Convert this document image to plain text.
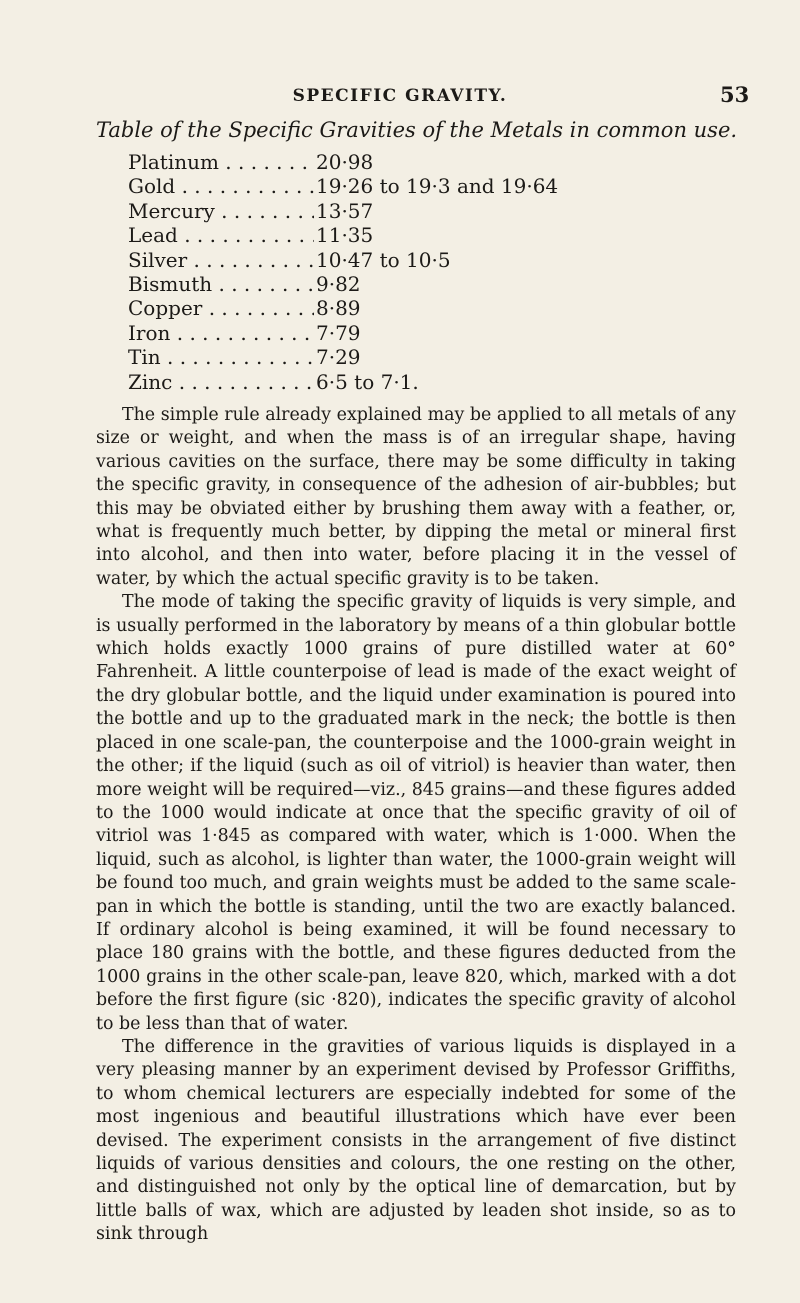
SPECIFIC GRAVITY.	53
Table of the Specific Gravities of the Metals in common use.
Platinum . . .	20·98
Gold . . .	19·26 to 19·3 and 19·64
Mercury . . .	13·57
Lead . . .	11·35
Silver . . .	10·47 to 10·5
Bismuth . . .	9·82
Copper . . .	8·89
Iron . . .	7·79
Tin . . .	7·29
Zinc . . .	6·5 to 7·1.

The simple rule already explained may be applied to all metals of any size or weight, and when the mass is of an irregular shape, having various cavities on the surface, there may be some difficulty in taking the specific gravity, in consequence of the adhesion of air-bubbles; but this may be obviated either by brushing them away with a feather, or, what is frequently much better, by dipping the metal or mineral first into alcohol, and then into water, before placing it in the vessel of water, by which the actual specific gravity is to be taken.

The mode of taking the specific gravity of liquids is very simple, and is usually performed in the laboratory by means of a thin globular bottle which holds exactly 1000 grains of pure distilled water at 60° Fahrenheit. A little counterpoise of lead is made of the exact weight of the dry globular bottle, and the liquid under examination is poured into the bottle and up to the graduated mark in the neck; the bottle is then placed in one scale-pan, the counterpoise and the 1000-grain weight in the other; if the liquid (such as oil of vitriol) is heavier than water, then more weight will be required—viz., 845 grains—and these figures added to the 1000 would indicate at once that the specific gravity of oil of vitriol was 1·845 as compared with water, which is 1·000. When the liquid, such as alcohol, is lighter than water, the 1000-grain weight will be found too much, and grain weights must be added to the same scale-pan in which the bottle is standing, until the two are exactly balanced. If ordinary alcohol is being examined, it will be found necessary to place 180 grains with the bottle, and these figures deducted from the 1000 grains in the other scale-pan, leave 820, which, marked with a dot before the first figure (sic ·820), indicates the specific gravity of alcohol to be less than that of water.

The difference in the gravities of various liquids is displayed in a very pleasing manner by an experiment devised by Professor Griffiths, to whom chemical lecturers are especially indebted for some of the most ingenious and beautiful illustrations which have ever been devised. The experiment consists in the arrangement of five distinct liquids of various densities and colours, the one resting on the other, and distinguished not only by the optical line of demarcation, but by little balls of wax, which are adjusted by leaden shot inside, so as to sink through
